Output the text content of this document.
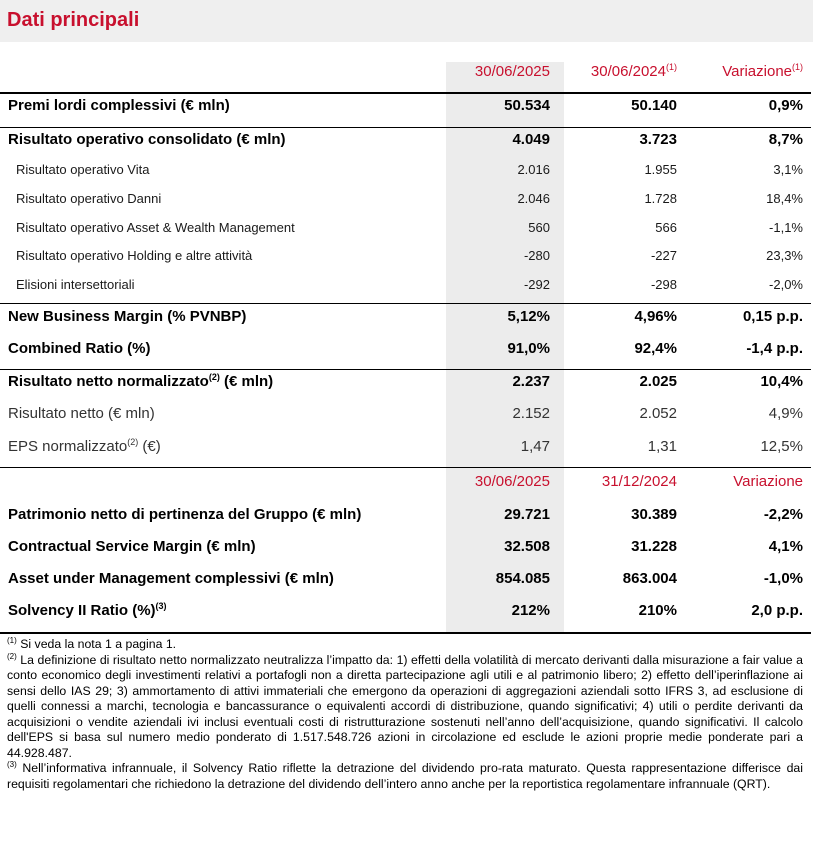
Dati principali
30/06/2025	30/06/2024$^{(1)}$	Variazione$^{(1)}$
Premi lordi complessivi (€ mln)	50.534	50.140	0,9%
Risultato operativo consolidato (€ mln)	4.049	3.723	8,7%
Risultato operativo Vita	2.016	1.955	3,1%
Risultato operativo Danni	2.046	1.728	18,4%
Risultato operativo Asset & Wealth Management	560	566	-1,1%
Risultato operativo Holding e altre attività	-280	-227	23,3%
Elisioni intersettoriali	-292	-298	-2,0%
New Business Margin (% PVNBP)	5,12%	4,96%	0,15 p.p.
Combined Ratio (%)	91,0%	92,4%	-1,4 p.p.
Risultato netto normalizzato$^{(2)}$ (€ mln)	2.237	2.025	10,4%
Risultato netto (€ mln)	2.152	2.052	4,9%
EPS normalizzato$^{(2)}$ (€)	1,47	1,31	12,5%
30/06/2025	31/12/2024	Variazione
Patrimonio netto di pertinenza del Gruppo (€ mln)	29.721	30.389	-2,2%
Contractual Service Margin (€ mln)	32.508	31.228	4,1%
Asset under Management complessivi (€ mln)	854.085	863.004	-1,0%
Solvency II Ratio (%)$^{(3)}$	212%	210%	2,0 p.p.

$^{(1)}$ Si veda la nota 1 a pagina 1.

$^{(2)}$ La definizione di risultato netto normalizzato neutralizza l’impatto da: 1) effetti della volatilità di mercato derivanti dalla misurazione a fair value a conto economico degli investimenti relativi a portafogli non a diretta partecipazione agli utili e al patrimonio libero; 2) effetto dell’iperinflazione ai sensi dello IAS 29; 3) ammortamento di attivi immateriali che emergono da operazioni di aggregazioni aziendali sotto IFRS 3, ad esclusione di quelli connessi a marchi, tecnologia e bancassurance o equivalenti accordi di distribuzione, quando significativi; 4) utili o perdite derivanti da acquisizioni o vendite aziendali ivi inclusi eventuali costi di ristrutturazione sostenuti nell’anno dell’acquisizione, quando significativi. Il calcolo dell'EPS si basa sul numero medio ponderato di 1.517.548.726 azioni in circolazione ed esclude le azioni proprie medie ponderate pari a 44.928.487.

$^{(3)}$ Nell’informativa infrannuale, il Solvency Ratio riflette la detrazione del dividendo pro-rata maturato. Questa rappresentazione differisce dai requisiti regolamentari che richiedono la detrazione del dividendo dell’intero anno anche per la reportistica regolamentare infrannuale (QRT).
